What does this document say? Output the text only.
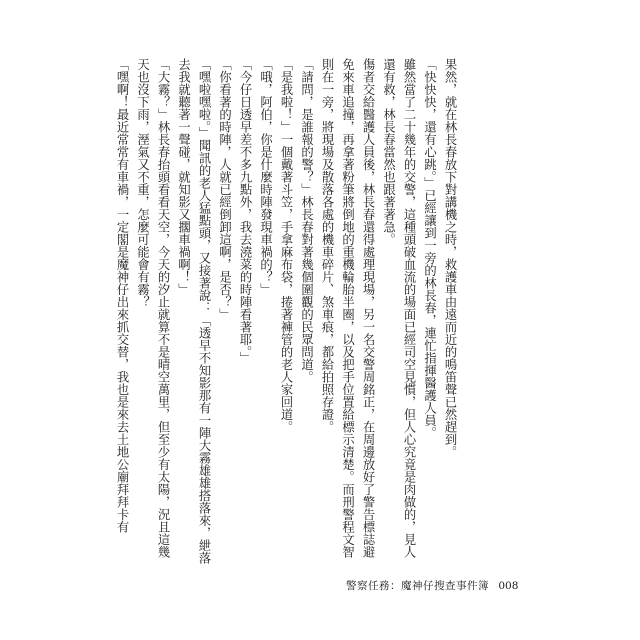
果然，就在林長春放下對講機之時，救護車由遠而近的鳴笛聲已然趕到。

「快快快，還有心跳。」已經讓到一旁的林長春，連忙指揮醫護人員。

雖然當了二十幾年的交警，這種頭破血流的場面已經司空見慣，但人心究竟是肉做的，見人還有救，林長春當然也跟著著急。

傷者交給醫護人員後，林長春還得處理現場，另一名交警周銘正，在周邊放好了警告標誌避免來車追撞，再拿著粉筆將倒地的重機輪胎半圈，以及把手位置給標示清楚。而刑警程文智則在一旁，將現場及散落各處的機車碎片、煞車痕，都給拍照存證。

「請問，是誰報的警？」林長春對著幾個圍觀的民眾問道。

「是我啦！」一個戴著斗笠，手拿麻布袋，捲著褲管的老人家回道。

「哦，阿伯，你是什麼時陣發現車禍的？」

「今仔日透早差不多九點外，我去澆菜的時陣看著耶。」

「你看著的時陣，人就已經倒卸這啊，是否？」

「嘿啦嘿啦。」聞訊的老人猛點頭，又接著說：「透早不知影那有一陣大霧雄雄搭落來，紲落去我就聽著一聲碰，就知影又擱車禍啊！」

「大霧？」林長春抬頭看看天空，今天的汐止就算不是晴空萬里，但至少有太陽，況且這幾天也沒下雨，溼氣又不重，怎麼可能會有霧？

「嘿啊！最近常常有車禍，一定閣是魔神仔出來抓交替，我也是來去土地公廟拜拜卡有

警察任務：魔神仔搜查事件簿 008
